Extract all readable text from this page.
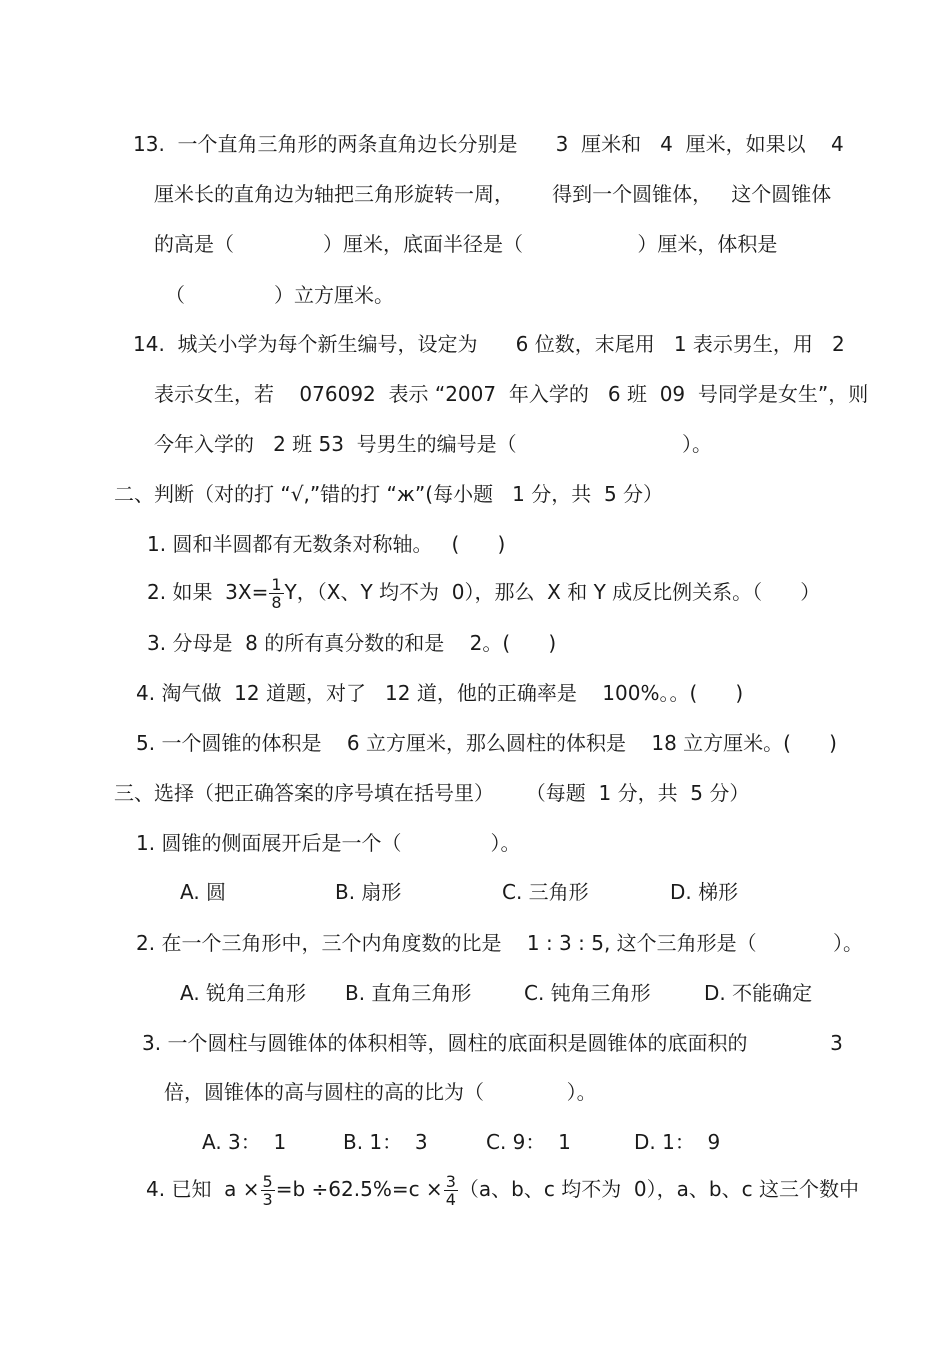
13.  一个直角三角形的两条直角边长分别是      3  厘米和   4  厘米，如果以    4
厘米长的直角边为轴把三角形旋转一周，      得到一个圆锥体，   这个圆锥体
的高是（              ）厘米，底面半径是（                  ）厘米，体积是
（              ）立方厘米。
14.  城关小学为每个新生编号，设定为      6 位数，末尾用   1 表示男生，用   2
表示女生，若    076092  表示 “2007  年入学的   6 班  09  号同学是女生”，则
今年入学的   2 班 53  号男生的编号是（                          ）。
二、判断（对的打 “√,”错的打 “ж”(每小题   1 分，共  5 分）
1. 圆和半圆都有无数条对称轴。   (      )
2. 如果  $3X= \frac{1}{8}$ Y，（X、Y 均不为  0），那么  X 和 Y 成反比例关系。（      ）
3. 分母是  8 的所有真分数的和是    2。(      )
4. 淘气做  12 道题，对了   12 道，他的正确率是    100%。。(      )
5. 一个圆锥的体积是    6 立方厘米，那么圆柱的体积是    18 立方厘米。(      )
三、选择（把正确答案的序号填在括号里）     （每题  1 分，共  5 分）
1. 圆锥的侧面展开后是一个（              ）。
A. 圆	B. 扇形	C. 三角形	D. 梯形
2. 在一个三角形中，三个内角度数的比是    1 : 3 : 5, 这个三角形是（            ）。
A. 锐角三角形 B. 直角三角形	C. 钝角三角形	D. 不能确定
3. 一个圆柱与圆锥体的体积相等，圆柱的底面积是圆锥体的底面积的             3
倍，圆锥体的高与圆柱的高的比为（             ）。
A. 3：  1	B. 1：  3	C. 9：  1	D. 1：  9
4. 已知  $a \times \frac{5}{3} =b \div 62.5\%=c \times \frac{3}{4} (a$、b、c 均不为  0），a、b、c 这三个数中
